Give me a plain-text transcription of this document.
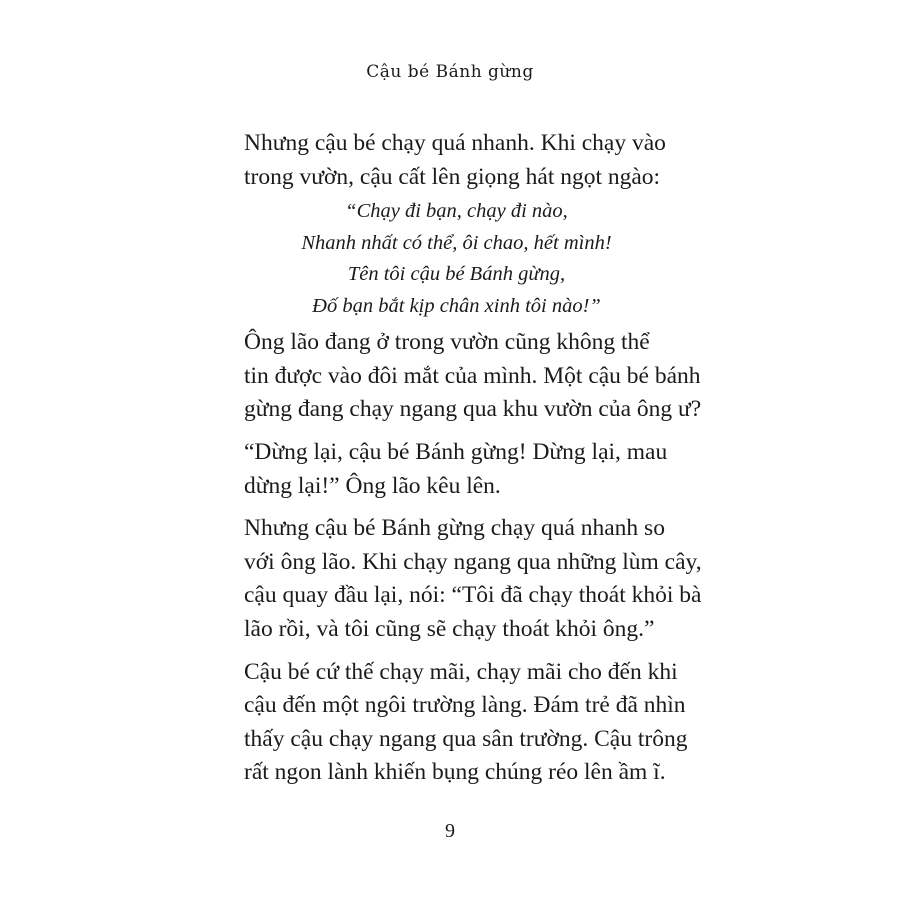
Cậu bé Bánh gừng

Nhưng cậu bé chạy quá nhanh. Khi chạy vào
trong vườn, cậu cất lên giọng hát ngọt ngào:

“Chạy đi bạn, chạy đi nào,
Nhanh nhất có thể, ôi chao, hết mình!
Tên tôi cậu bé Bánh gừng,
Đố bạn bắt kịp chân xinh tôi nào!”

Ông lão đang ở trong vườn cũng không thể
tin được vào đôi mắt của mình. Một cậu bé bánh
gừng đang chạy ngang qua khu vườn của ông ư?

“Dừng lại, cậu bé Bánh gừng! Dừng lại, mau
dừng lại!” Ông lão kêu lên.

Nhưng cậu bé Bánh gừng chạy quá nhanh so
với ông lão. Khi chạy ngang qua những lùm cây,
cậu quay đầu lại, nói: “Tôi đã chạy thoát khỏi bà
lão rồi, và tôi cũng sẽ chạy thoát khỏi ông.”

Cậu bé cứ thế chạy mãi, chạy mãi cho đến khi
cậu đến một ngôi trường làng. Đám trẻ đã nhìn
thấy cậu chạy ngang qua sân trường. Cậu trông
rất ngon lành khiến bụng chúng réo lên ầm ĩ.

9
